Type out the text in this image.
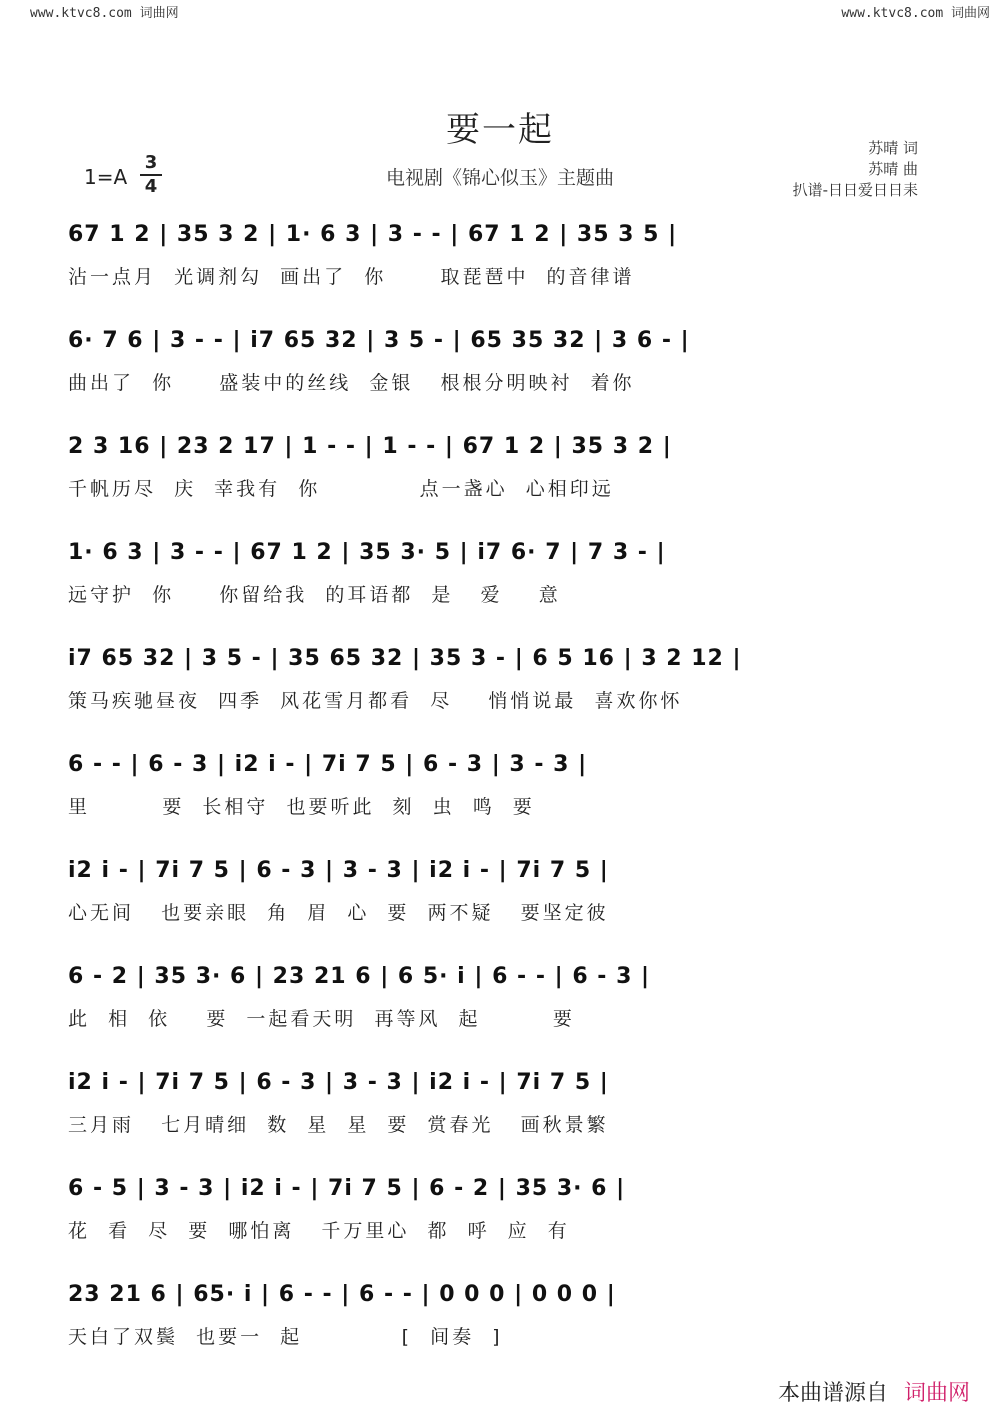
www.ktvc8.com 词曲网	www.ktvc8.com 词曲网
要一起
1=A
3
4	电视剧《锦心似玉》主题曲
苏晴 词
苏晴 曲
扒谱-日日爱日日耒
67 1 2 | 35 3 2 | 1· 6 3 | 3 - - | 67 1 2 | 35 3 5 |
沾一点月  光调剂勾  画出了  你      取琵琶中  的音律谱
6· 7 6 | 3 - - | i7 65 32 | 3 5 - | 65 35 32 | 3 6 - |
曲出了  你     盛装中的丝线  金银   根根分明映衬  着你
2 3 16 | 23 2 17 | 1 - - | 1 - - | 67 1 2 | 35 3 2 |
千帆历尽  庆  幸我有  你           点一盏心  心相印远
1· 6 3 | 3 - - | 67 1 2 | 35 3· 5 | i7 6· 7 | 7 3 - |
远守护  你     你留给我  的耳语都  是   爱    意
i7 65 32 | 3 5 - | 35 65 32 | 35 3 - | 6 5 16 | 3 2 12 |
策马疾驰昼夜  四季  风花雪月都看  尽    悄悄说最  喜欢你怀
6 - - | 6 - 3 | i2 i - | 7i 7 5 | 6 - 3 | 3 - 3 |
里        要  长相守  也要听此  刻  虫  鸣  要
i2 i - | 7i 7 5 | 6 - 3 | 3 - 3 | i2 i - | 7i 7 5 |
心无间   也要亲眼  角  眉  心  要  两不疑   要坚定彼
6 - 2 | 35 3· 6 | 23 21 6 | 6 5· i | 6 - - | 6 - 3 |
此  相  依    要  一起看天明  再等风  起        要
i2 i - | 7i 7 5 | 6 - 3 | 3 - 3 | i2 i - | 7i 7 5 |
三月雨   七月晴细  数  星  星  要  赏春光   画秋景繁
6 - 5 | 3 - 3 | i2 i - | 7i 7 5 | 6 - 2 | 35 3· 6 |
花  看  尽  要  哪怕离   千万里心  都  呼  应  有
23 21 6 | 65· i | 6 - - | 6 - - | 0 0 0 | 0 0 0 |
天白了双鬓  也要一  起           [  间奏  ]
本曲谱源自 词曲网
